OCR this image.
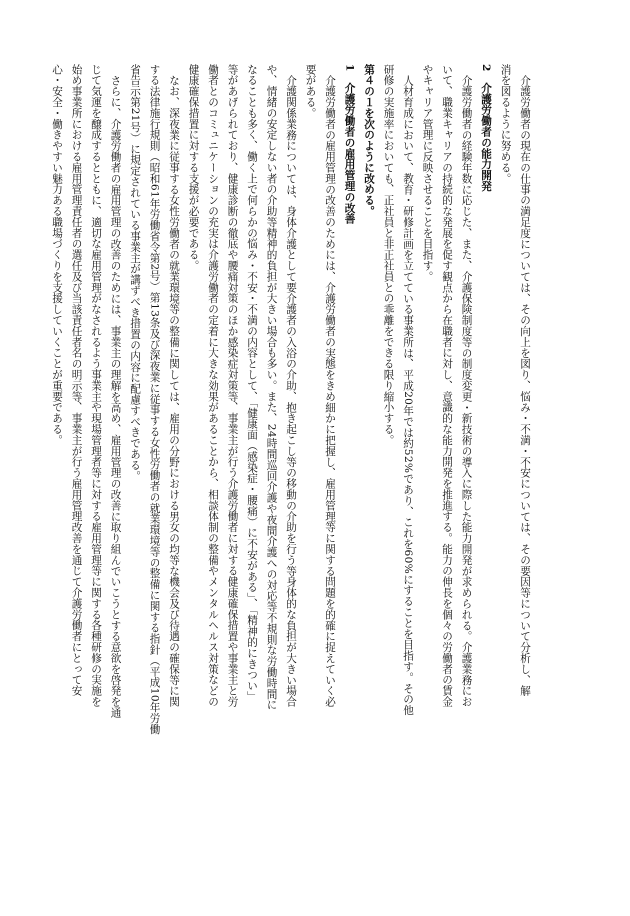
介護労働者の現在の仕事の満足度については、その向上を図り、悩み・不満・不安については、その要因等について分析し、解

消を図るように努める。

2　介護労働者の能力開発

介護労働者の経験年数に応じた、また、介護保険制度等の制度変更・新技術の導入に際した能力開発が求められる。介護業務にお

いて、職業キャリアの持続的な発展を促す観点から在職者に対し、意識的な能力開発を推進する。能力の伸長を個々の労働者の賃金

やキャリア管理に反映させることを目指す。

人材育成において、教育・研修計画を立てている事業所は、平成20年では約52%であり、これを60%にすることを目指す。その他

研修の実施率においても、正社員と非正社員との乖離をできる限り縮小する。

第４の１を次のように改める。

1　介護労働者の雇用管理の改善

介護労働者の雇用管理の改善のためには、介護労働者の実態をきめ細かに把握し、雇用管理等に関する問題を的確に捉えていく必

要がある。

介護関係業務については、身体介護として要介護者の入浴の介助、抱き起こし等の移動の介助を行う等身体的な負担が大きい場合

や、情緒の安定しない者の介助等精神的負担が大きい場合も多い。また、24時間巡回介護や夜間介護への対応等不規則な労働時間に

なることも多く、働く上で何らかの悩み・不安・不満の内容として、「健康面（感染症・腰痛）に不安がある」、「精神的にきつい」

等があげられており、健康診断の徹底や腰痛対策のほか感染症対策等、事業主が行う介護労働者に対する健康確保措置や事業主と労

働者とのコミュニケーションの充実は介護労働者の定着に大きな効果があることから、相談体制の整備やメンタルヘルス対策などの

健康確保措置に対する支援が必要である。

なお、深夜業に従事する女性労働者の就業環境等の整備に関しては、雇用の分野における男女の均等な機会及び待遇の確保等に関

する法律施行規則（昭和61年労働省令第2号）第13条及び深夜業に従事する女性労働者の就業環境等の整備に関する指針（平成10年労働

省告示第21号）に規定されている事業主が講ずべき措置の内容に配慮すべきである。

さらに、介護労働者の雇用管理の改善のためには、事業主の理解を高め、雇用管理の改善に取り組んでいこうとする意欲を啓発を通

じて気運を醸成するとともに、適切な雇用管理がなされるよう事業主や現場管理者等に対する雇用管理等に関する各種研修の実施を

始め事業所における雇用管理責任者の選任及び当該責任者名の明示等、事業主が行う雇用管理改善を通じて介護労働者にとって安

心・安全・働きやすい魅力ある職場づくりを支援していくことが重要である。
